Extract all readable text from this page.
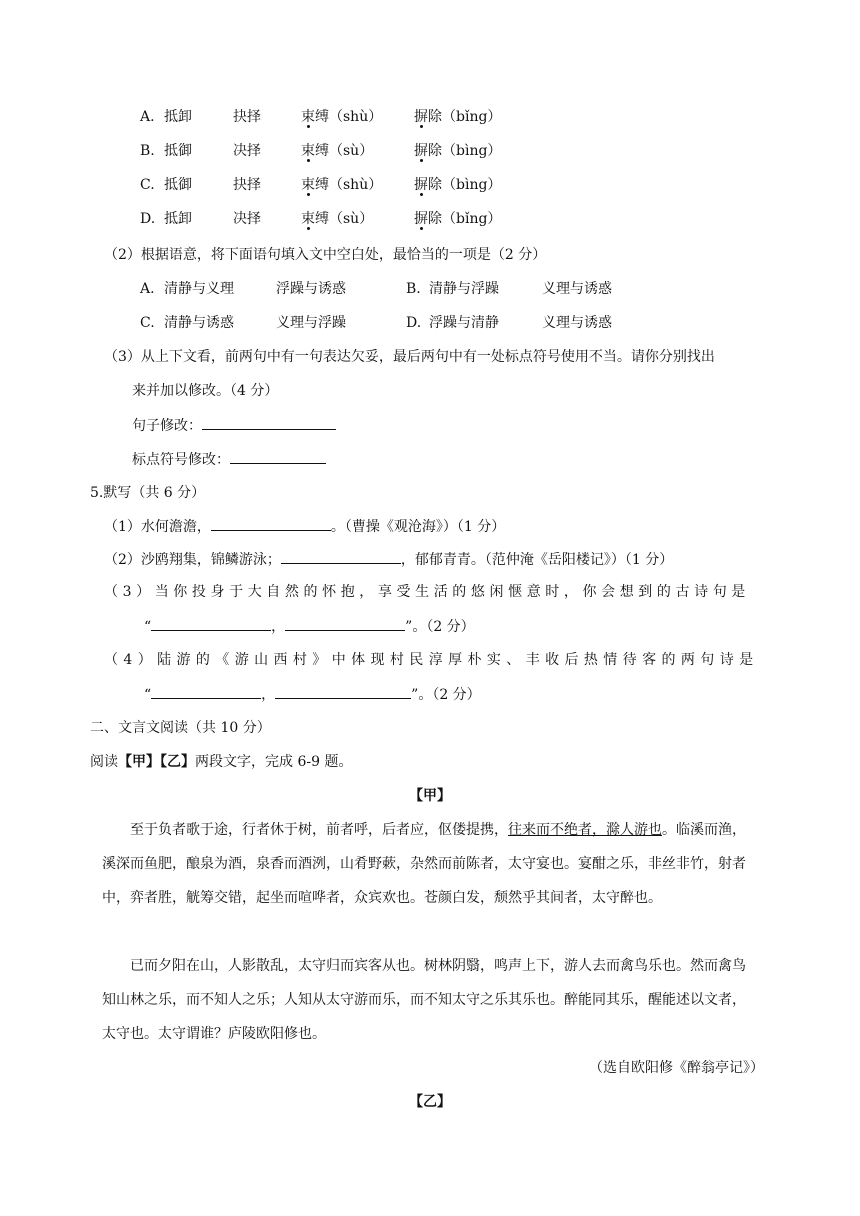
A. 抵卸	抉择	束缚（shù） 摒除（bǐng）
B. 抵御	决择	束缚（sù）	摒除（bìng）
C. 抵御	抉择	束缚（shù） 摒除（bìng）
D. 抵卸	决择	束缚（sù）	摒除（bǐng）
（2）根据语意，将下面语句填入文中空白处，最恰当的一项是（2 分）
A. 清静与义理	浮躁与诱惑	B. 清静与浮躁	义理与诱惑
C. 清静与诱惑	义理与浮躁	D. 浮躁与清静	义理与诱惑
（3）从上下文看，前两句中有一句表达欠妥，最后两句中有一处标点符号使用不当。请你分别找出
来并加以修改。（4 分）
句子修改：
标点符号修改：
5.默写（共 6 分）
（1）水何澹澹，	。（曹操《观沧海》）（1 分）
（2）沙鸥翔集，锦鳞游泳；	，郁郁青青。（范仲淹《岳阳楼记》）（1 分）
（3）当你投身于大自然的怀抱，享受生活的悠闲惬意时，你会想到的古诗句是
“	，	”。（2 分）
（4）陆游的《游山西村》中体现村民淳厚朴实、丰收后热情待客的两句诗是
“	，	”。（2 分）
二、文言文阅读（共 10 分）
阅读【甲】【乙】两段文字，完成 6-9 题。
【甲】
至于负者歌于途，行者休于树，前者呼，后者应，伛偻提携，往来而不绝者，滁人游也。临溪而渔，溪深而鱼肥，酿泉为酒，泉香而酒洌，山肴野蔌，杂然而前陈者，太守宴也。宴酣之乐，非丝非竹，射者中，弈者胜，觥筹交错，起坐而喧哗者，众宾欢也。苍颜白发，颓然乎其间者，太守醉也。
已而夕阳在山，人影散乱，太守归而宾客从也。树林阴翳，鸣声上下，游人去而禽鸟乐也。然而禽鸟知山林之乐，而不知人之乐；人知从太守游而乐，而不知太守之乐其乐也。醉能同其乐，醒能述以文者，太守也。太守谓谁？庐陵欧阳修也。
（选自欧阳修《醉翁亭记》）
【乙】
